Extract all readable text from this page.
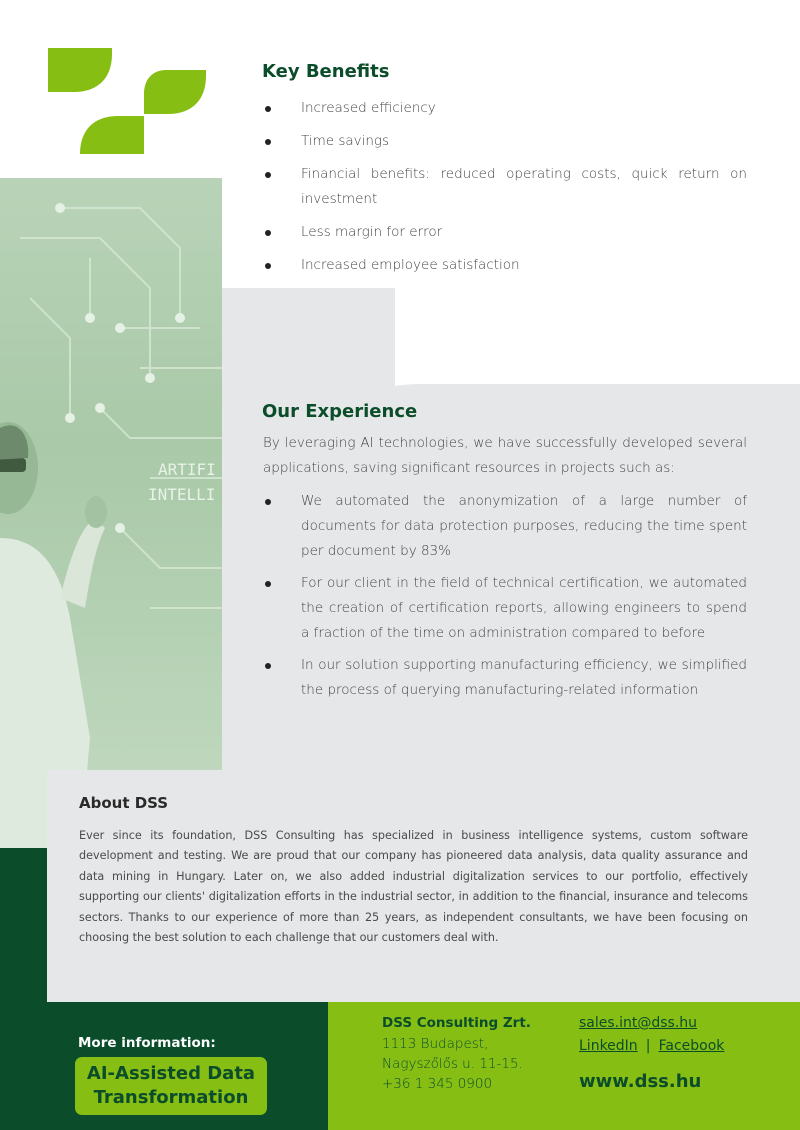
ARTIFI
INTELLI
Key Benefits
Increased efficiency
Time savings
Financial benefits: reduced operating costs, quick return on investment
Less margin for error
Increased employee satisfaction
Our Experience

By leveraging AI technologies, we have successfully developed several applications, saving significant resources in projects such as:

We automated the anonymization of a large number of documents for data protection purposes, reducing the time spent per document by 83%
For our client in the field of technical certification, we automated the creation of certification reports, allowing engineers to spend a fraction of the time on administration compared to before
In our solution supporting manufacturing efficiency, we simplified the process of querying manufacturing-related information
About DSS

Ever since its foundation, DSS Consulting has specialized in business intelligence systems, custom software development and testing. We are proud that our company has pioneered data analysis, data quality assurance and data mining in Hungary. Later on, we also added industrial digitalization services to our portfolio, effectively supporting our clients' digitalization efforts in the industrial sector, in addition to the financial, insurance and telecoms sectors. Thanks to our experience of more than 25 years, as independent consultants, we have been focusing on choosing the best solution to each challenge that our customers deal with.

More information:
AI-Assisted Data Transformation
DSS Consulting Zrt.
1113 Budapest,
Nagyszőlős u. 11-15.
+36 1 345 0900
sales.int@dss.hu
LinkedIn | Facebook
www.dss.hu
